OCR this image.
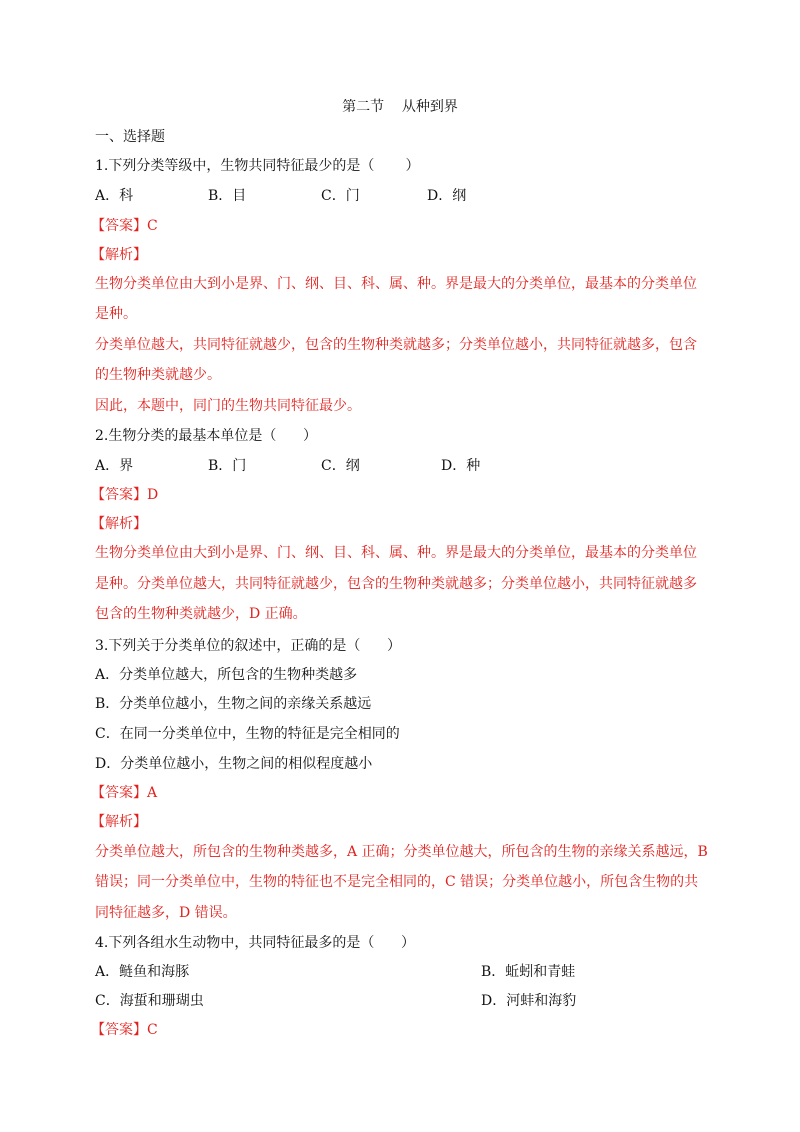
第二节    从种到界
一、选择题
1.下列分类等级中，生物共同特征最少的是（       ）
A．科	B．目	C．门	D．纲
【答案】C
【解析】
生物分类单位由大到小是界、门、纲、目、科、属、种。界是最大的分类单位，最基本的分类单位
是种。
分类单位越大，共同特征就越少，包含的生物种类就越多；分类单位越小，共同特征就越多，包含
的生物种类就越少。
因此，本题中，同门的生物共同特征最少。
2.生物分类的最基本单位是（      ）
A．界	B．门	C．纲	D．种
【答案】D
【解析】
生物分类单位由大到小是界、门、纲、目、科、属、种。界是最大的分类单位，最基本的分类单位
是种。分类单位越大，共同特征就越少，包含的生物种类就越多；分类单位越小，共同特征就越多
包含的生物种类就越少，D 正确。
3.下列关于分类单位的叙述中，正确的是（      ）
A．分类单位越大，所包含的生物种类越多
B．分类单位越小，生物之间的亲缘关系越远
C．在同一分类单位中，生物的特征是完全相同的
D．分类单位越小，生物之间的相似程度越小
【答案】A
【解析】
分类单位越大，所包含的生物种类越多，A 正确；分类单位越大，所包含的生物的亲缘关系越远，B
错误；同一分类单位中，生物的特征也不是完全相同的，C 错误；分类单位越小，所包含生物的共
同特征越多，D 错误。
4.下列各组水生动物中，共同特征最多的是（      ）
A．鲢鱼和海豚	B．蚯蚓和青蛙
C．海蜇和珊瑚虫	D．河蚌和海豹
【答案】C
